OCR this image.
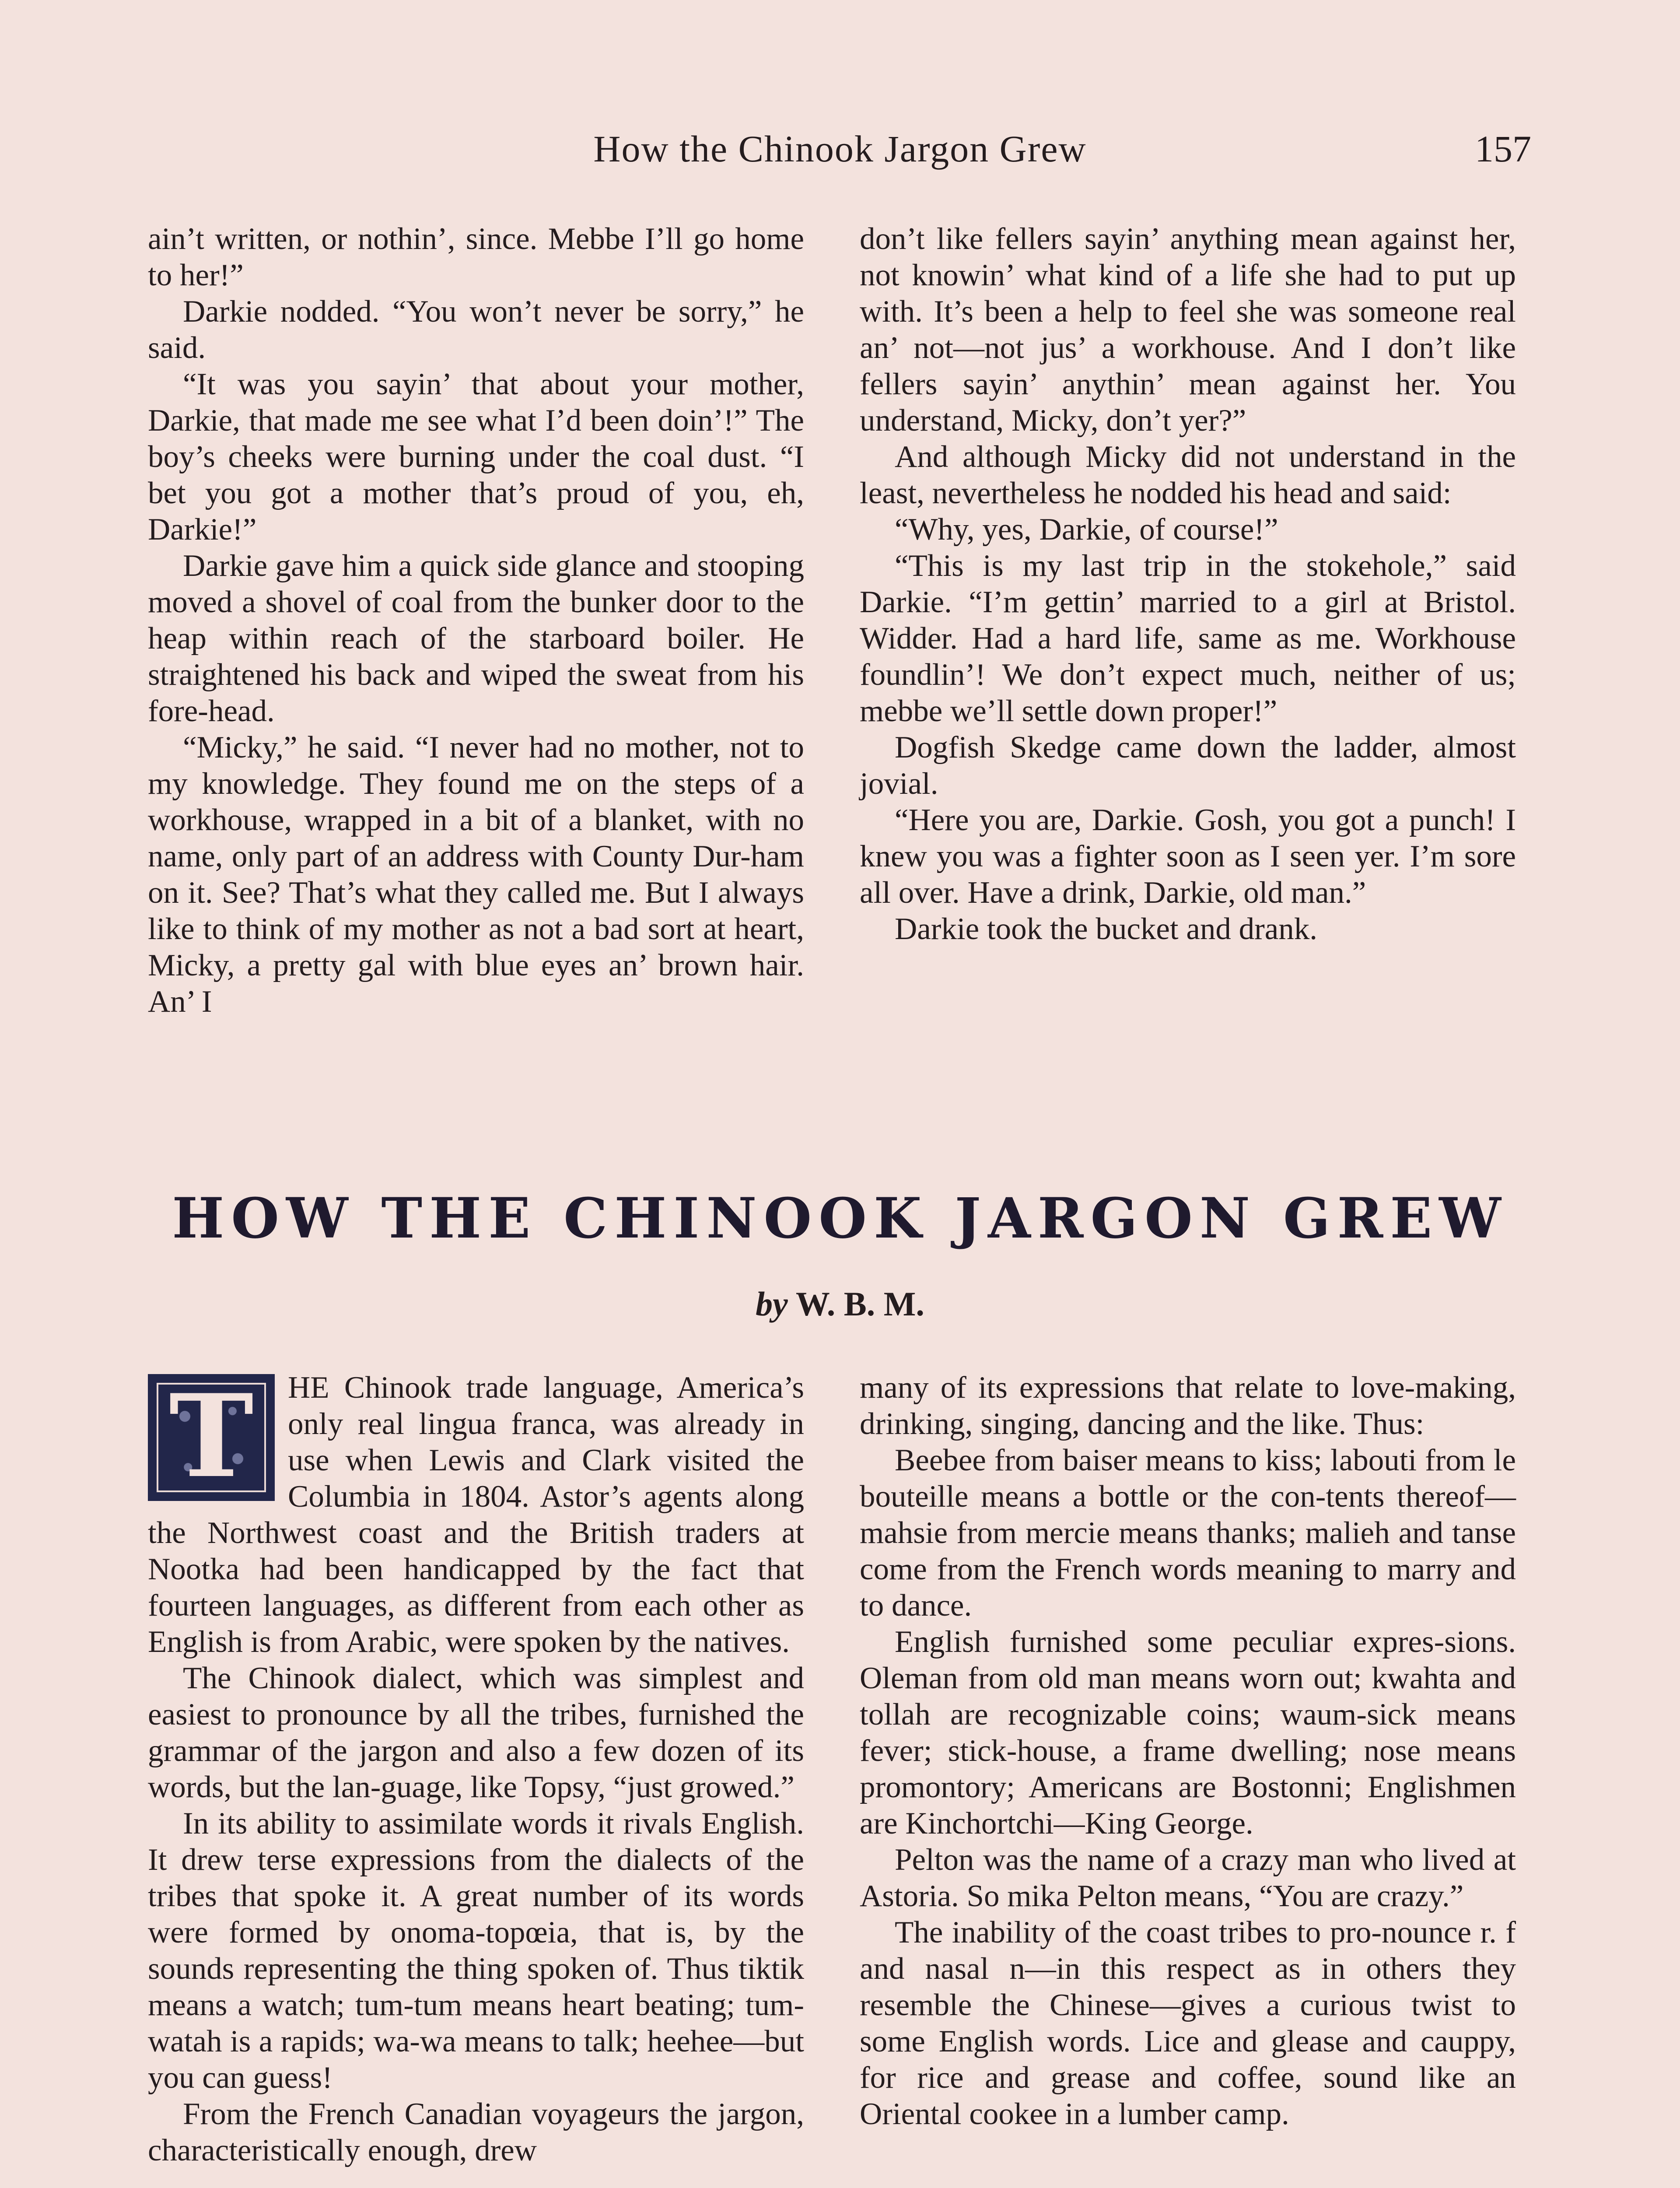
How the Chinook Jargon Grew	157

ain’t written, or nothin’, since. Mebbe I’ll go home to her!”

Darkie nodded. “You won’t never be sorry,” he said.

“It was you sayin’ that about your mother, Darkie, that made me see what I’d been doin’!” The boy’s cheeks were burning under the coal dust. “I bet you got a mother that’s proud of you, eh, Darkie!”

Darkie gave him a quick side glance and stooping moved a shovel of coal from the bunker door to the heap within reach of the starboard boiler. He straightened his back and wiped the sweat from his fore-head.

“Micky,” he said. “I never had no mother, not to my knowledge. They found me on the steps of a workhouse, wrapped in a bit of a blanket, with no name, only part of an address with County Dur-ham on it. See? That’s what they called me. But I always like to think of my mother as not a bad sort at heart, Micky, a pretty gal with blue eyes an’ brown hair. An’ I

don’t like fellers sayin’ anything mean against her, not knowin’ what kind of a life she had to put up with. It’s been a help to feel she was someone real an’ not—not jus’ a workhouse. And I don’t like fellers sayin’ anythin’ mean against her. You understand, Micky, don’t yer?”

And although Micky did not understand in the least, nevertheless he nodded his head and said:

“Why, yes, Darkie, of course!”

“This is my last trip in the stokehole,” said Darkie. “I’m gettin’ married to a girl at Bristol. Widder. Had a hard life, same as me. Workhouse foundlin’! We don’t expect much, neither of us; mebbe we’ll settle down proper!”

Dogfish Skedge came down the ladder, almost jovial.

“Here you are, Darkie. Gosh, you got a punch! I knew you was a fighter soon as I seen yer. I’m sore all over. Have a drink, Darkie, old man.”

Darkie took the bucket and drank.

HOW THE CHINOOK JARGON GREW
by W. B. M.
T	HE Chinook trade language, America’s only real lingua franca, was already in use when Lewis and Clark visited the Columbia in 1804. Astor’s agents along the Northwest coast and the British traders at Nootka had been handicapped by the fact that fourteen languages, as different from each other as English is from Arabic, were spoken by the natives.

The Chinook dialect, which was simplest and easiest to pronounce by all the tribes, furnished the grammar of the jargon and also a few dozen of its words, but the lan-guage, like Topsy, “just growed.”

In its ability to assimilate words it rivals English. It drew terse expressions from the dialects of the tribes that spoke it. A great number of its words were formed by onoma-topœia, that is, by the sounds representing the thing spoken of. Thus tiktik means a watch; tum-tum means heart beating; tum-watah is a rapids; wa-wa means to talk; heehee—but you can guess!

From the French Canadian voyageurs the jargon, characteristically enough, drew

many of its expressions that relate to love-making, drinking, singing, dancing and the like. Thus:

Beebee from baiser means to kiss; labouti from le bouteille means a bottle or the con-tents thereof—mahsie from mercie means thanks; malieh and tanse come from the French words meaning to marry and to dance.

English furnished some peculiar expres-sions. Oleman from old man means worn out; kwahta and tollah are recognizable coins; waum-sick means fever; stick-house, a frame dwelling; nose means promontory; Americans are Bostonni; Englishmen are Kinchortchi—King George.

Pelton was the name of a crazy man who lived at Astoria. So mika Pelton means, “You are crazy.”

The inability of the coast tribes to pro-nounce r. f and nasal n—in this respect as in others they resemble the Chinese—gives a curious twist to some English words. Lice and glease and cauppy, for rice and grease and coffee, sound like an Oriental cookee in a lumber camp.
